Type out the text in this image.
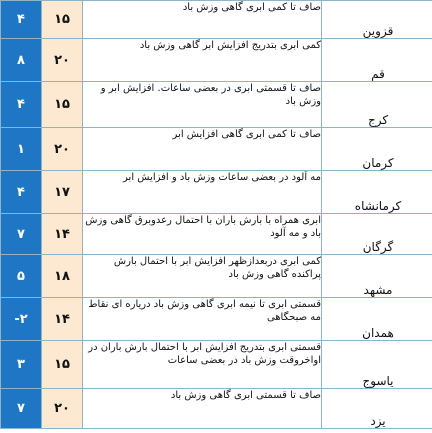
۴	۱۵	صاف تا کمی ابری گاهی وزش باد	قزوین
۸	۲۰	کمی ابری بتدریج افزایش ابر گاهی وزش باد	قم
۴	۱۵	صاف تا قسمتی ابری در بعضی ساعات. افزایش ابر و وزش باد	کرج
۱	۲۰	صاف تا کمی ابری گاهی افزایش ابر	کرمان
۴	۱۷	مه آلود در بعضی ساعات وزش باد و افزایش ابر	کرمانشاه
۷	۱۴	ابری همراه با بارش باران با احتمال رعدوبرق گاهی وزش باد و مه آلود	گرگان
۵	۱۸	کمی ابری دربعدازظهر افزایش ابر با احتمال بارش پراکنده گاهی وزش باد	مشهد
-۲	۱۴	قسمتی ابری تا نیمه ابری گاهی وزش باد دریاره ای نقاط مه صبحگاهی	همدان
۳	۱۵	قسمتی ابری بتدریج افزایش ابر با احتمال بارش باران در اواخروقت وزش باد در بعضی ساعات	یاسوج
۷	۲۰	صاف تا قسمتی ابری گاهی وزش باد	یزد
